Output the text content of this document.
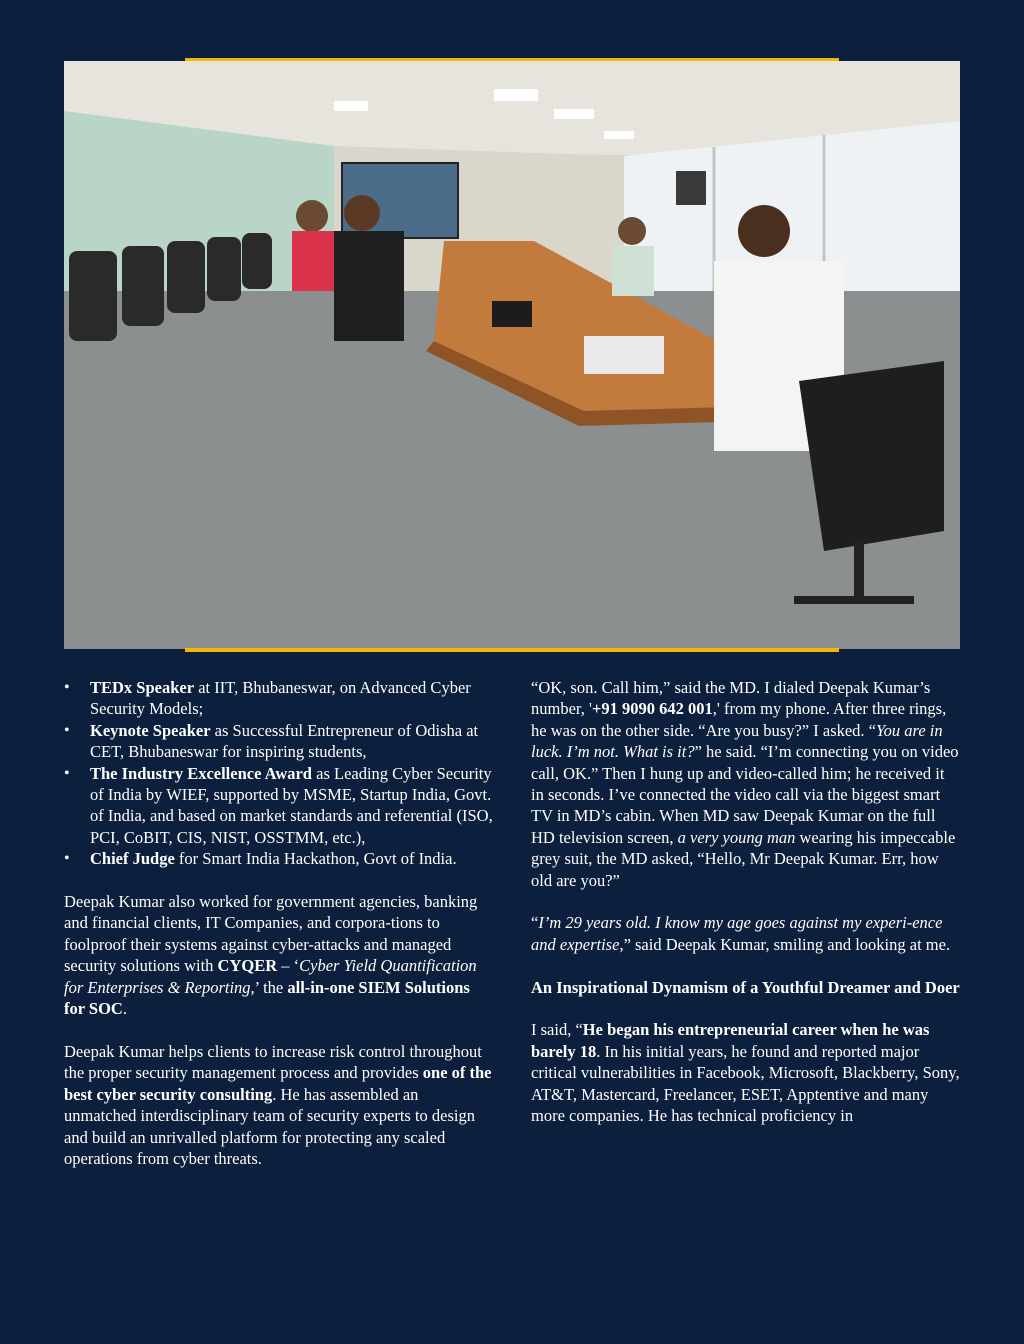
• TEDx Speaker at IIT, Bhubaneswar, on Advanced Cyber Security Models;
• Keynote Speaker as Successful Entrepreneur of Odisha at CET, Bhubaneswar for inspiring students,
• The Industry Excellence Award as Leading Cyber Security of India by WIEF, supported by MSME, Startup India, Govt. of India, and based on market standards and referential (ISO, PCI, CoBIT, CIS, NIST, OSSTMM, etc.),
• Chief Judge for Smart India Hackathon, Govt of India.

Deepak Kumar also worked for government agencies, banking and financial clients, IT Companies, and corpora-tions to foolproof their systems against cyber-attacks and managed security solutions with CYQER – ‘Cyber Yield Quantification for Enterprises & Reporting,’ the all-in-one SIEM Solutions for SOC.

Deepak Kumar helps clients to increase risk control throughout the proper security management process and provides one of the best cyber security consulting. He has assembled an unmatched interdisciplinary team of security experts to design and build an unrivalled platform for protecting any scaled operations from cyber threats.

“OK, son. Call him,” said the MD. I dialed Deepak Kumar’s number, '+91 9090 642 001,' from my phone. After three rings, he was on the other side. “Are you busy?” I asked. “You are in luck. I’m not. What is it?” he said. “I’m connecting you on video call, OK.” Then I hung up and video-called him; he received it in seconds. I’ve connected the video call via the biggest smart TV in MD’s cabin. When MD saw Deepak Kumar on the full HD television screen, a very young man wearing his impeccable grey suit, the MD asked, “Hello, Mr Deepak Kumar. Err, how old are you?”

“I’m 29 years old. I know my age goes against my experi-ence and expertise,” said Deepak Kumar, smiling and looking at me.

An Inspirational Dynamism of a Youthful Dreamer and Doer

I said, “He began his entrepreneurial career when he was barely 18. In his initial years, he found and reported major critical vulnerabilities in Facebook, Microsoft, Blackberry, Sony, AT&T, Mastercard, Freelancer, ESET, Apptentive and many more companies. He has technical proficiency in
